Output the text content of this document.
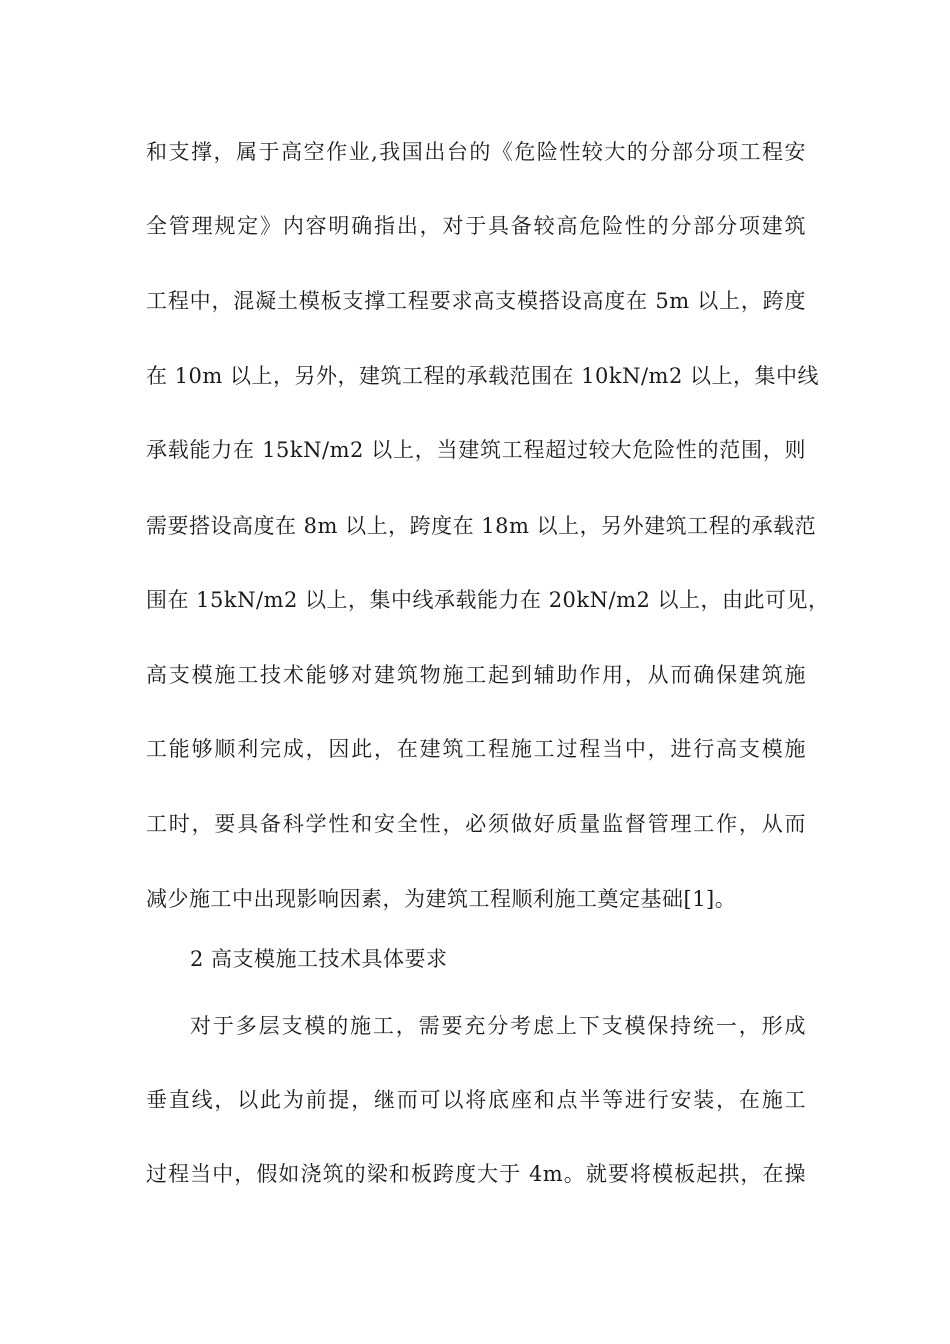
和支撑，属于高空作业,我国出台的《危险性较大的分部分项工程安
全管理规定》内容明确指出，对于具备较高危险性的分部分项建筑
工程中，混凝土模板支撑工程要求高支模搭设高度在 5m 以上，跨度
在 10m 以上，另外，建筑工程的承载范围在 10kN/m2 以上，集中线
承载能力在 15kN/m2 以上，当建筑工程超过较大危险性的范围，则
需要搭设高度在 8m 以上，跨度在 18m 以上，另外建筑工程的承载范
围在 15kN/m2 以上，集中线承载能力在 20kN/m2 以上，由此可见，
高支模施工技术能够对建筑物施工起到辅助作用，从而确保建筑施
工能够顺利完成，因此，在建筑工程施工过程当中，进行高支模施
工时，要具备科学性和安全性，必须做好质量监督管理工作，从而
减少施工中出现影响因素，为建筑工程顺利施工奠定基础[1]。
2 高支模施工技术具体要求
对于多层支模的施工，需要充分考虑上下支模保持统一，形成
垂直线，以此为前提，继而可以将底座和点半等进行安装，在施工
过程当中，假如浇筑的梁和板跨度大于 4m。就要将模板起拱，在操
